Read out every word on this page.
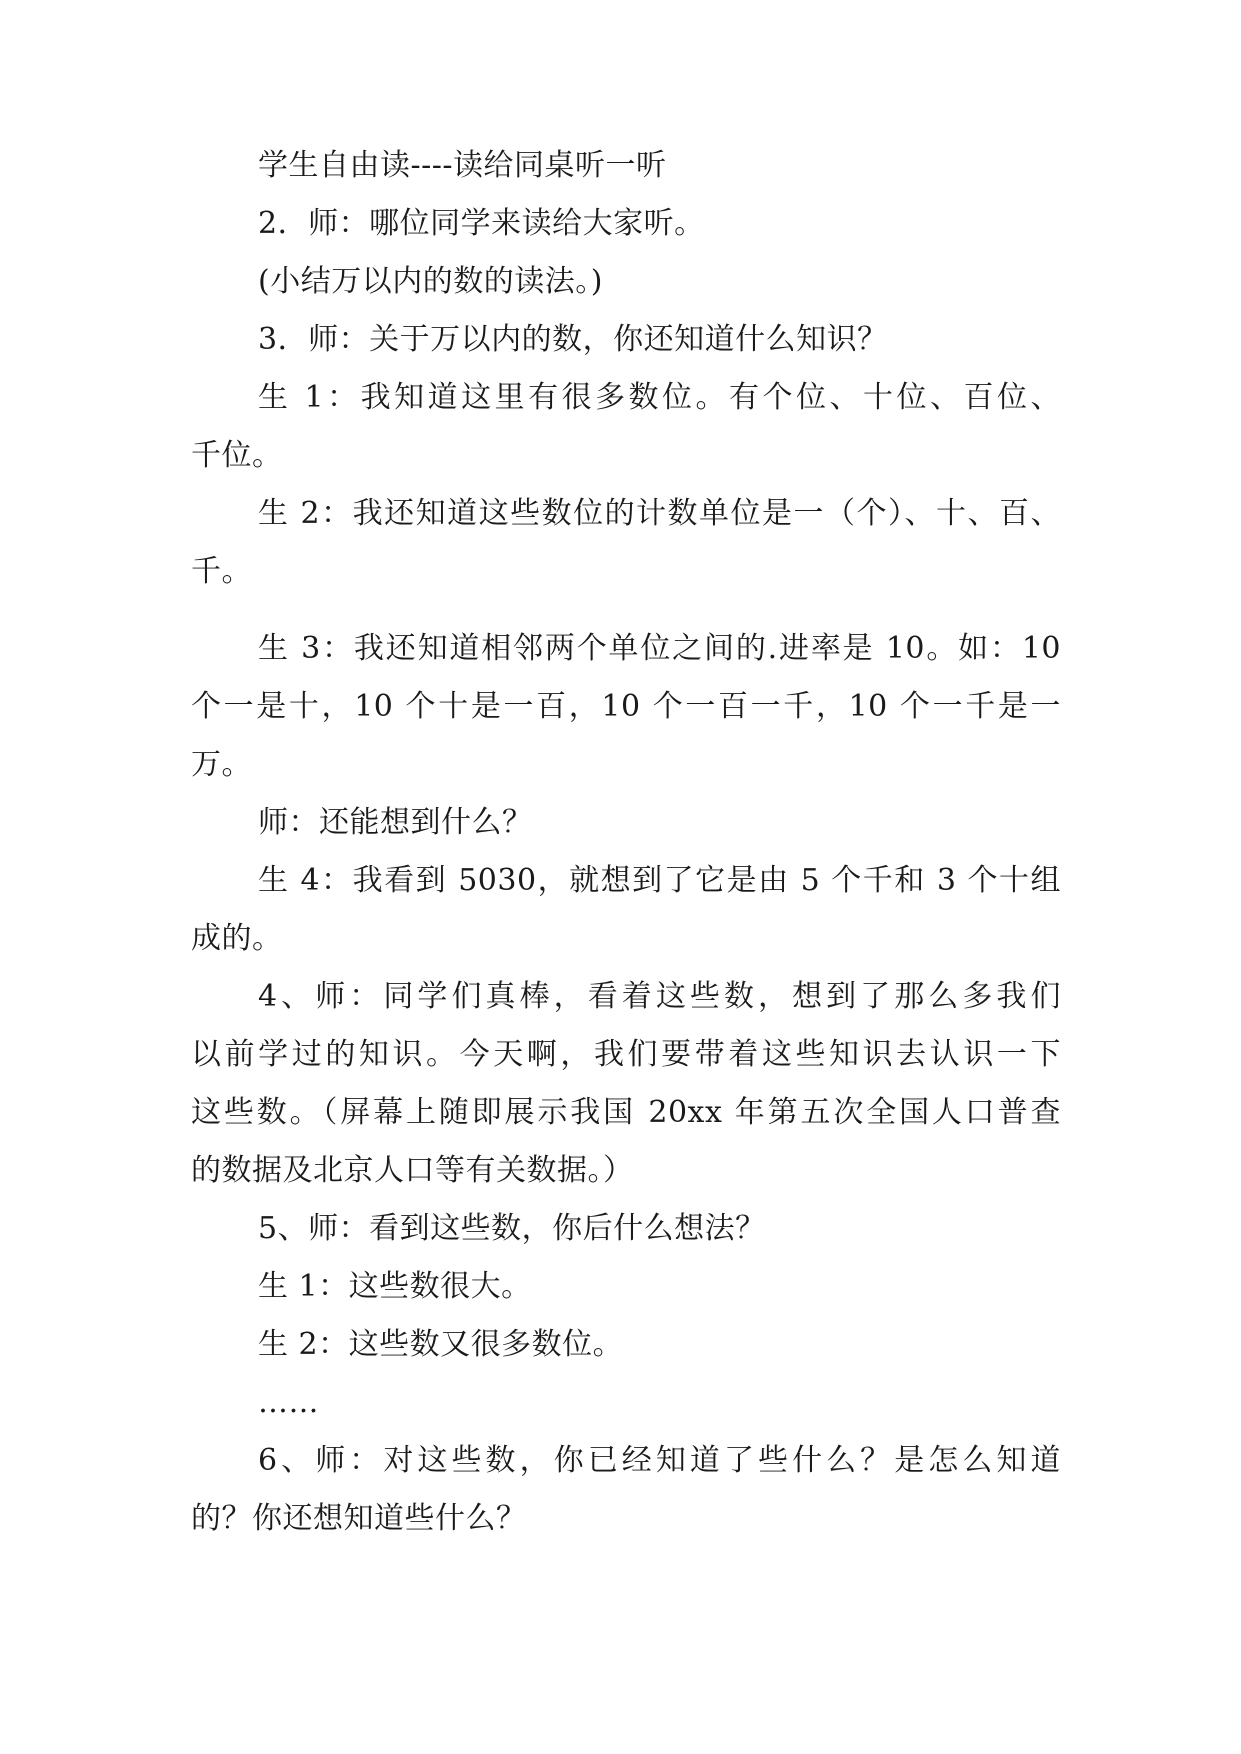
学生自由读----读给同桌听一听
2．师：哪位同学来读给大家听。
(小结万以内的数的读法。)
3．师：关于万以内的数，你还知道什么知识？
生 1：我知道这里有很多数位。有个位、十位、百位、
千位。
生 2：我还知道这些数位的计数单位是一（个）、十、百、
千。
生 3：我还知道相邻两个单位之间的.进率是 10。如：10
个一是十，10 个十是一百，10 个一百一千，10 个一千是一
万。
师：还能想到什么？
生 4：我看到 5030，就想到了它是由 5 个千和 3 个十组
成的。
4、师：同学们真棒，看着这些数，想到了那么多我们
以前学过的知识。今天啊，我们要带着这些知识去认识一下
这些数。（屏幕上随即展示我国 20xx 年第五次全国人口普查
的数据及北京人口等有关数据。）
5、师：看到这些数，你后什么想法？
生 1：这些数很大。
生 2：这些数又很多数位。
……
6、师：对这些数，你已经知道了些什么？是怎么知道
的？你还想知道些什么？
